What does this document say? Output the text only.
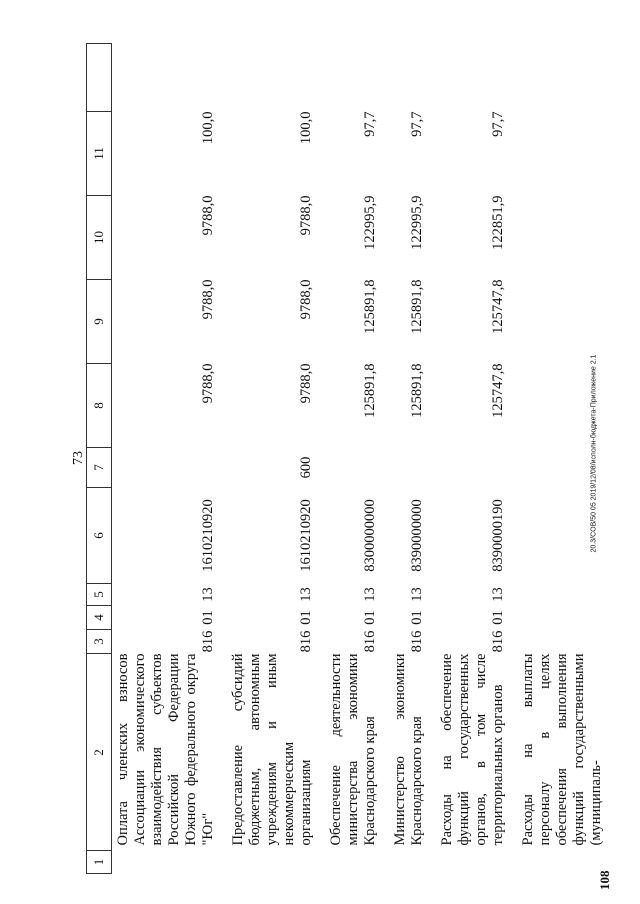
73	20.3/COB/50 05 2019/12/08/исполн-бюджета-Приложение 2.1
108
1
2	3	4	5	6	7	8	9	10	11	
Оплата членских взносов Ассоциации экономического взаимодействия субъектов Российской Федерации Южного федерального округа "Юг"	816	01	13	1610210920		9788,0	9788,0	9788,0	100,0	

Предоставление субсидий бюджетным, автономным учреждениям и иным некоммерческим организациям	816	01	13	1610210920	600	9788,0	9788,0	9788,0	100,0	

Обеспечение деятельности министерства экономики Краснодарского края	816	01	13	8300000000		125891,8	125891,8	122995,9	97,7	

Министерство экономики Краснодарского края	816	01	13	8390000000		125891,8	125891,8	122995,9	97,7	

Расходы на обеспечение функций государственных органов, в том числе территориальных органов	816	01	13	8390000190		125747,8	125747,8	122851,9	97,7	

Расходы на выплаты персоналу в целях обеспечения выполнения функций государственными (муниципаль-										
